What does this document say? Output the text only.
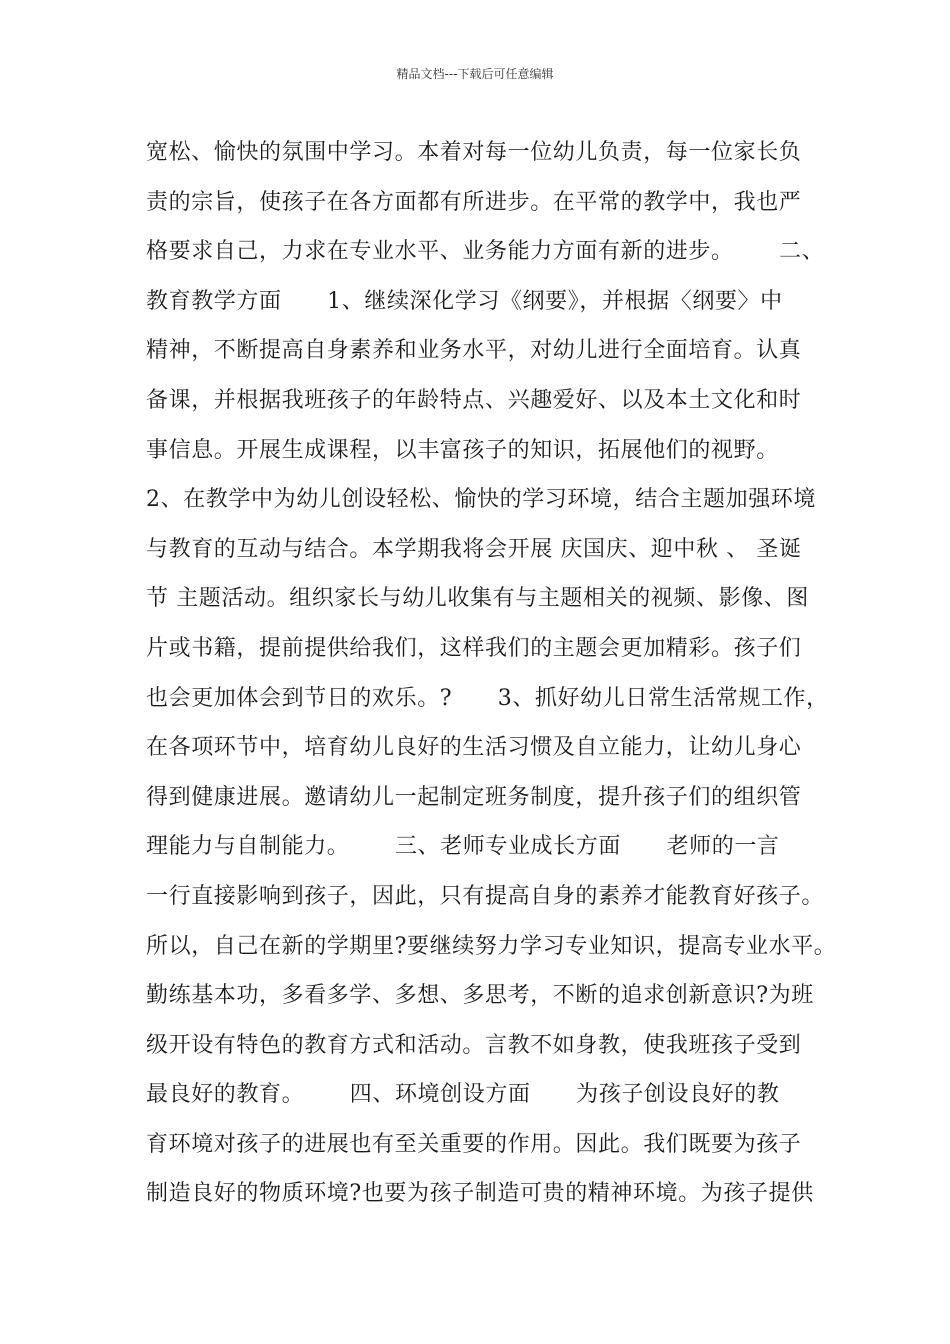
精品文档---下载后可任意编辑
宽松、愉快的氛围中学习。本着对每一位幼儿负责，每一位家长负
责的宗旨，使孩子在各方面都有所进步。在平常的教学中，我也严
格要求自己，力求在专业水平、业务能力方面有新的进步。      二、
教育教学方面      1、继续深化学习《纲要》，并根据〈纲要〉中
精神，不断提高自身素养和业务水平，对幼儿进行全面培育。认真
备课，并根据我班孩子的年龄特点、兴趣爱好、以及本土文化和时
事信息。开展生成课程，以丰富孩子的知识，拓展他们的视野。
2、在教学中为幼儿创设轻松、愉快的学习环境，结合主题加强环境
与教育的互动与结合。本学期我将会开展 庆国庆、迎中秋 、 圣诞
节 主题活动。组织家长与幼儿收集有与主题相关的视频、影像、图
片或书籍，提前提供给我们，这样我们的主题会更加精彩。孩子们
也会更加体会到节日的欢乐。?      3、抓好幼儿日常生活常规工作，
在各项环节中，培育幼儿良好的生活习惯及自立能力，让幼儿身心
得到健康进展。邀请幼儿一起制定班务制度，提升孩子们的组织管
理能力与自制能力。      三、老师专业成长方面      老师的一言
一行直接影响到孩子，因此，只有提高自身的素养才能教育好孩子。
所以，自己在新的学期里?要继续努力学习专业知识，提高专业水平。
勤练基本功，多看多学、多想、多思考，不断的追求创新意识?为班
级开设有特色的教育方式和活动。言教不如身教，使我班孩子受到
最良好的教育。      四、环境创设方面      为孩子创设良好的教
育环境对孩子的进展也有至关重要的作用。因此。我们既要为孩子
制造良好的物质环境?也要为孩子制造可贵的精神环境。为孩子提供
